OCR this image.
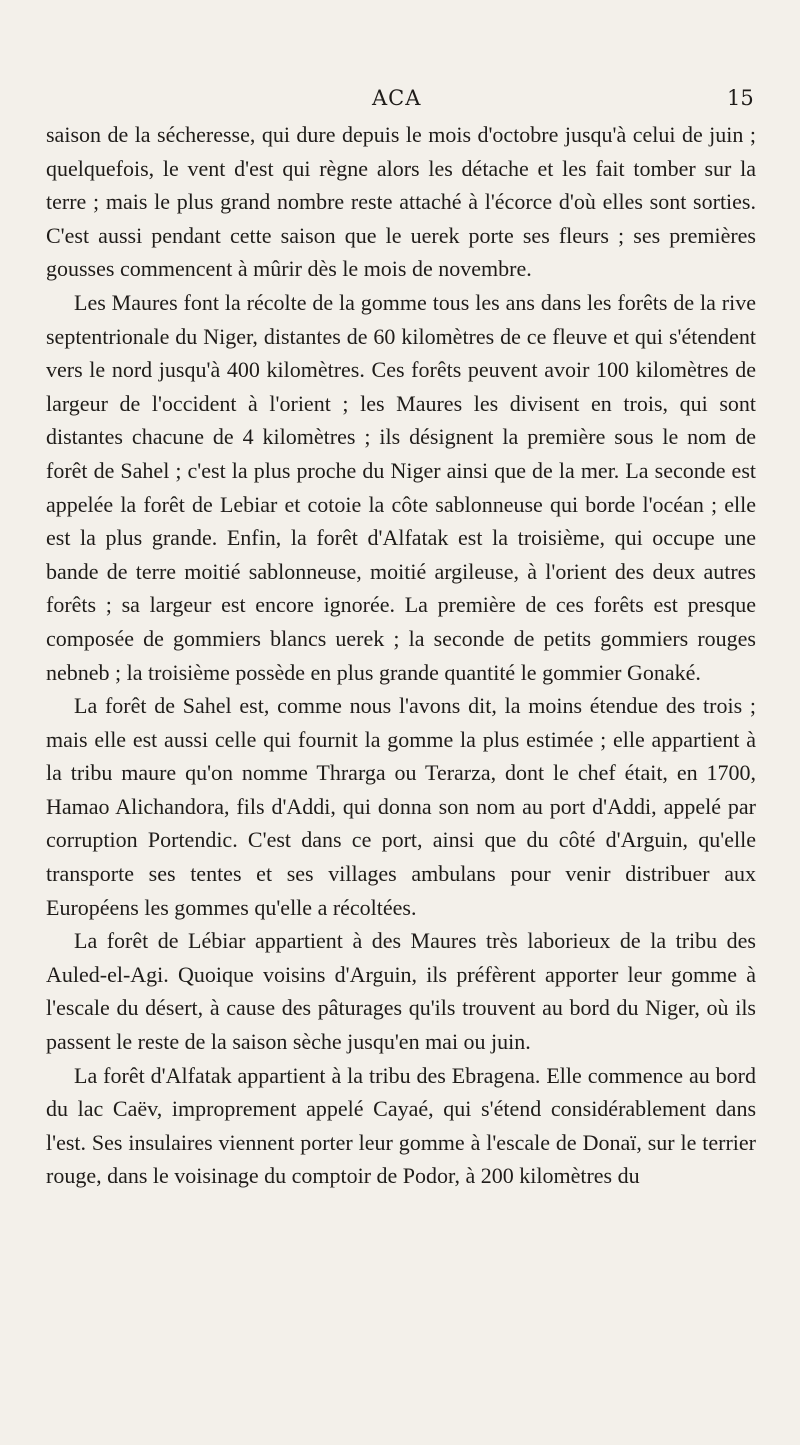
ACA	15

saison de la sécheresse, qui dure depuis le mois d'octobre jusqu'à celui de juin ; quelquefois, le vent d'est qui règne alors les détache et les fait tomber sur la terre ; mais le plus grand nombre reste attaché à l'écorce d'où elles sont sorties. C'est aussi pendant cette saison que le uerek porte ses fleurs ; ses premières gousses commencent à mûrir dès le mois de novembre.

Les Maures font la récolte de la gomme tous les ans dans les forêts de la rive septentrionale du Niger, distantes de 60 kilomètres de ce fleuve et qui s'étendent vers le nord jusqu'à 400 kilomètres. Ces forêts peuvent avoir 100 kilomètres de largeur de l'occident à l'orient ; les Maures les divisent en trois, qui sont distantes chacune de 4 kilomètres ; ils désignent la première sous le nom de forêt de Sahel ; c'est la plus proche du Niger ainsi que de la mer. La seconde est appelée la forêt de Lebiar et cotoie la côte sablonneuse qui borde l'océan ; elle est la plus grande. Enfin, la forêt d'Alfatak est la troisième, qui occupe une bande de terre moitié sablonneuse, moitié argileuse, à l'orient des deux autres forêts ; sa largeur est encore ignorée. La première de ces forêts est presque composée de gommiers blancs uerek ; la seconde de petits gommiers rouges nebneb ; la troisième possède en plus grande quantité le gommier Gonaké.

La forêt de Sahel est, comme nous l'avons dit, la moins étendue des trois ; mais elle est aussi celle qui fournit la gomme la plus estimée ; elle appartient à la tribu maure qu'on nomme Thrarga ou Terarza, dont le chef était, en 1700, Hamao Alichandora, fils d'Addi, qui donna son nom au port d'Addi, appelé par corruption Portendic. C'est dans ce port, ainsi que du côté d'Arguin, qu'elle transporte ses tentes et ses villages ambulans pour venir distribuer aux Européens les gommes qu'elle a récoltées.

La forêt de Lébiar appartient à des Maures très laborieux de la tribu des Auled-el-Agi. Quoique voisins d'Arguin, ils préfèrent apporter leur gomme à l'escale du désert, à cause des pâturages qu'ils trouvent au bord du Niger, où ils passent le reste de la saison sèche jusqu'en mai ou juin.

La forêt d'Alfatak appartient à la tribu des Ebragena. Elle commence au bord du lac Caëv, improprement appelé Cayaé, qui s'étend considérablement dans l'est. Ses insulaires viennent porter leur gomme à l'escale de Donaï, sur le terrier rouge, dans le voisinage du comptoir de Podor, à 200 kilomètres du
